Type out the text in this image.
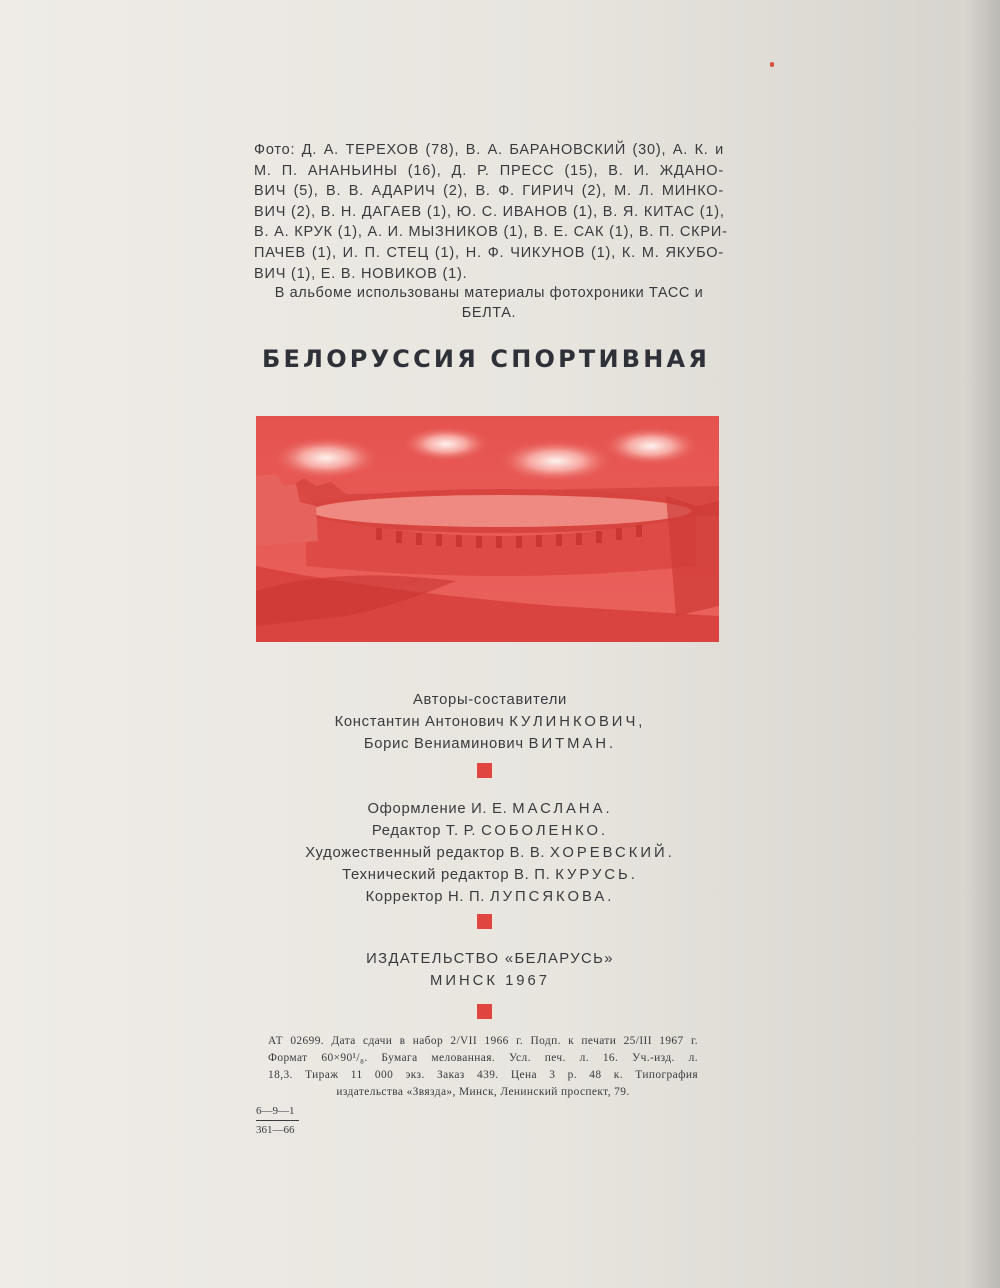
Фото: Д. А. ТЕРЕХОВ (78), В. А. БАРАНОВСКИЙ (30), А. К. и
М. П. АНАНЬИНЫ (16), Д. Р. ПРЕСС (15), В. И. ЖДАНО-
ВИЧ (5), В. В. АДАРИЧ (2), В. Ф. ГИРИЧ (2), М. Л. МИНКО-
ВИЧ (2), В. Н. ДАГАЕВ (1), Ю. С. ИВАНОВ (1), В. Я. КИТАС (1),
В. А. КРУК (1), А. И. МЫЗНИКОВ (1), В. Е. САК (1), В. П. СКРИ-
ПАЧЕВ (1), И. П. СТЕЦ (1), Н. Ф. ЧИКУНОВ (1), К. М. ЯКУБО-
ВИЧ (1), Е. В. НОВИКОВ (1).
В альбоме использованы материалы фотохроники ТАСС и
БЕЛТА.
БЕЛОРУССИЯ СПОРТИВНАЯ
Авторы-составители
Константин Антонович КУЛИНКОВИЧ,
Борис Вениаминович ВИТМАН.
Оформление И. Е. МАСЛАНА.
Редактор Т. Р. СОБОЛЕНКО.
Художественный редактор В. В. ХОРЕВСКИЙ.
Технический редактор В. П. КУРУСЬ.
Корректор Н. П. ЛУПСЯКОВА.
ИЗДАТЕЛЬСТВО «БЕЛАРУСЬ»
МИНСК 1967
АТ 02699. Дата сдачи в набор 2/VII 1966 г. Подп. к печати 25/III 1967 г.
Формат 60×90¹/₈. Бумага мелованная. Усл. печ. л. 16. Уч.-изд. л.
18,3. Тираж 11 000 экз. Заказ 439. Цена 3 р. 48 к. Типография
издательства «Звязда», Минск, Ленинский проспект, 79.
6—9—1
361—66
